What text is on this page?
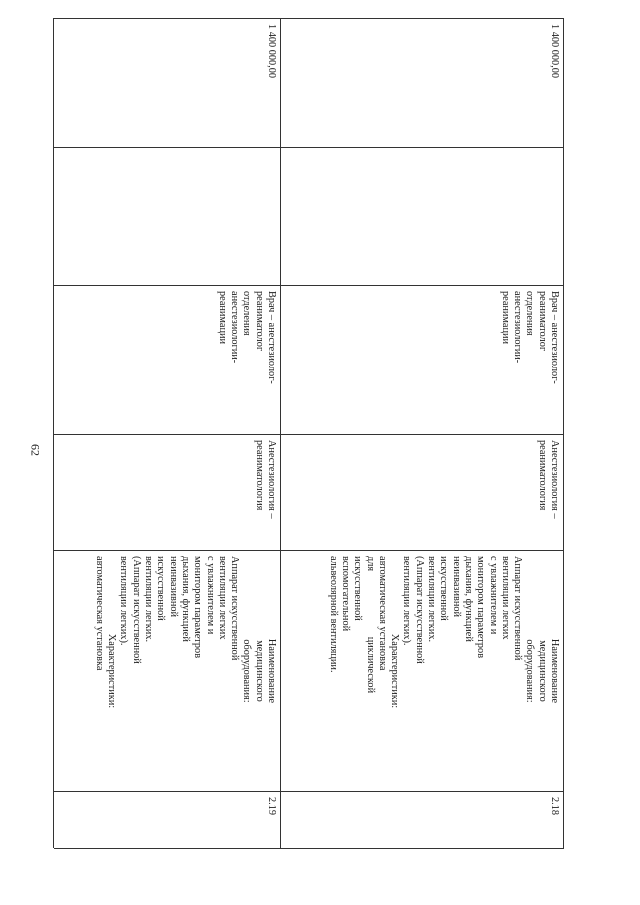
62
1 400 000,00
Врач – анестезиолог-
реаниматолог
отделения
анестезиологии-
реанимации
Анестезиология –
реаниматология
Наименование
медицинского
оборудования:
Аппарат искусственной
вентиляции легких
с увлажнителем и
монитором параметров
дыхания, функцией
неинвазивной
искусственной
вентиляции легких.
(Аппарат искусственной
вентиляции легких).
Характеристики:
автоматическая установка
для циклической
искусственной
вспомогательной
альвеолярной вентиляции.
2.18
1 400 000,00
Врач – анестезиолог-
реаниматолог
отделения
анестезиологии-
реанимации
Анестезиология –
реаниматология
Наименование
медицинского
оборудования:
Аппарат искусственной
вентиляции легких
с увлажнителем и
монитором параметров
дыхания, функцией
неинвазивной
искусственной
вентиляции легких.
(Аппарат искусственной
вентиляции легких).
Характеристики:
автоматическая установка
2.19
